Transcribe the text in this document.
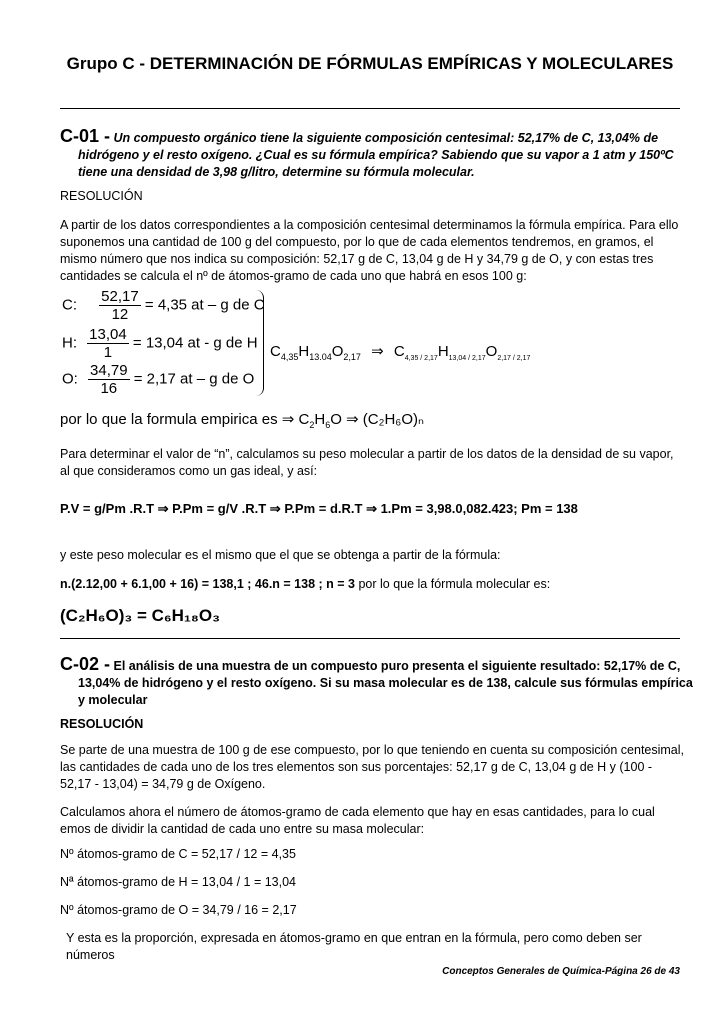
Grupo C - DETERMINACIÓN DE FÓRMULAS EMPÍRICAS Y MOLECULARES
C-01 - Un compuesto orgánico tiene la siguiente composición centesimal: 52,17% de C, 13,04% de hidrógeno y el resto oxígeno. ¿Cual es su fórmula empírica? Sabiendo que su vapor a 1 atm y 150ºC tiene una densidad de 3,98 g/litro, determine su fórmula molecular.
RESOLUCIÓN
A partir de los datos correspondientes a la composición centesimal determinamos la fórmula empírica. Para ello suponemos una cantidad de 100 g del compuesto, por lo que de cada elementos tendremos, en gramos, el mismo número que nos indica su composición: 52,17 g de C, 13,04 g de H y 34,79 g de O, y con estas tres cantidades se calcula el nº de átomos-gramo de cada uno que habrá en esos 100 g:
C: $\frac{52,17}{12} = 4,35$ at – g de C
H: $\frac{13,04}{1} = 13,04$ at - g de H
O: $\frac{34,79}{16} = 2,17$ at – g de O
$C_{4,35}H_{13.04}O_{2,17}$ ⇒ $C_{4,35 / 2,17}H_{13,04 / 2,17}O_{2,17 / 2,17}$
por lo que la formula empirica es ⇒ $C_2H_6O$ ⇒ (C₂H₆O)ₙ
Para determinar el valor de “n”, calculamos su peso molecular a partir de los datos de la densidad de su vapor, al que consideramos como un gas ideal, y así:
P.V = g/Pm .R.T ⇒ P.Pm = g/V .R.T ⇒ P.Pm = d.R.T ⇒ 1.Pm = 3,98.0,082.423; Pm = 138
y este peso molecular es el mismo que el que se obtenga a partir de la fórmula:
n.(2.12,00 + 6.1,00 + 16) = 138,1 ; 46.n = 138 ; n = 3 por lo que la fórmula molecular es:
(C₂H₆O)₃ = C₆H₁₈O₃
C-02 - El análisis de una muestra de un compuesto puro presenta el siguiente resultado: 52,17% de C, 13,04% de hidrógeno y el resto oxígeno. Si su masa molecular es de 138, calcule sus fórmulas empírica y molecular
RESOLUCIÓN
Se parte de una muestra de 100 g de ese compuesto, por lo que teniendo en cuenta su composición centesimal, las cantidades de cada uno de los tres elementos son sus porcentajes: 52,17 g de C, 13,04 g de H y (100 - 52,17 - 13,04) = 34,79 g de Oxígeno.
Calculamos ahora el número de átomos-gramo de cada elemento que hay en esas cantidades, para lo cual emos de dividir la cantidad de cada uno entre su masa molecular:
Nº átomos-gramo de C = 52,17 / 12 = 4,35
Nª átomos-gramo de H = 13,04 / 1 = 13,04
Nº átomos-gramo de O = 34,79 / 16 = 2,17
Y esta es la proporción, expresada en átomos-gramo en que entran en la fórmula, pero como deben ser números
Conceptos Generales de Química-Página 26 de 43
